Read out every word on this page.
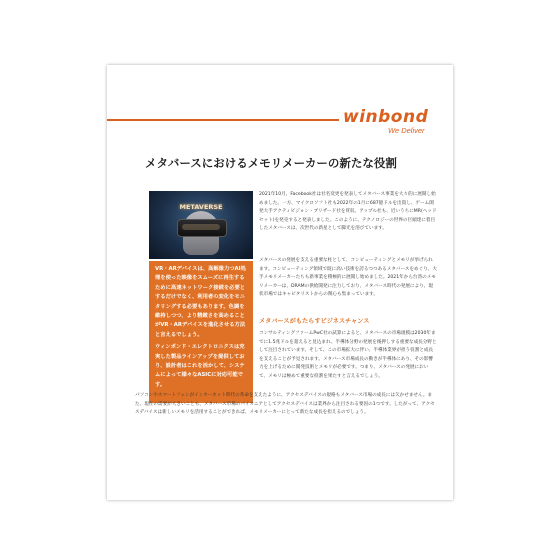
winbond
We Deliver
メタバースにおけるメモリメーカーの新たな役割
METAVERSE

VR・ARデバイスは、高解像力つAI処理を使った映像をスムーズに再生するために高速ネットワーク接続を必要とするだけでなく、利用者の変化をモニタリングする必要もあります。色調を維持しつつ、より精緻さを高めることがVR・ARデバイスを進化させる方法と言えるでしょう。

ウィンボンド・エレクトロニクスは充実した製品ラインアップを提供しており、設計者はこれを活かして、システムによって様々なASICに対応可能です。

2021年10月、Facebook社は社名変更を発表してメタバース事業を大々的に展開し始めました。一方、マイクロソフト社も2022年の1月に687億ドルを出資し、ゲーム開発大手アクティビジョン・ブリザード社を買収。アップル社も、近いうちにMR(ヘッドセット)を発売すると発表しました。このように、テクノロジーの世界の巨頭達に着目したメタバースは、次世代の新星として脚光を浴びています。

メタバースの発展を支える重要な柱として、コンピューティングとメモリが挙げられます。コンピューティング領域で既に高い技術を誇るつつあるメタバースをめぐり、大手メモリメーカーたちも新事業を積極的に展開し始めました。2021年から台湾のメモリメーカーは、DRAMの供給開発に注力しており、メタバース時代の発展により、現状市場ではキャピタリストからの関心も集まっています。

メタバースがもたらすビジネスチャンス

コンサルティングファームPwC社の試算によると、メタバースの市場規模は2030年までに1.5兆ドルを超えると見込まれ、半導体分野の発展を後押しする重要な成長分野として注目されています。そして、この市場拡大に伴い、半導体業界が担う役割と成長を支えることが予見されます。メタバース市場成長の動きが半導体にあり、その影響力を上げるために開発技術とメモリが必要です。つまり、メタバースの発展において、メモリは極めて重要な役割を果たすと言えるでしょう。

パソコンやスマートフォンがインターネット時代の革命を支えたように、アクセスデバイスの規格もメタバース市場の成長には欠かせません。また、現在の需要が大きいことも、メタバース市場のパイオニアとしてアクセスデバイスは業界から注目される要因の1つです。したがって、アクセスデバイスは新しいメモリを活用することができれば、メモリメーカーにとって新たな成長を担えるのでしょう。
